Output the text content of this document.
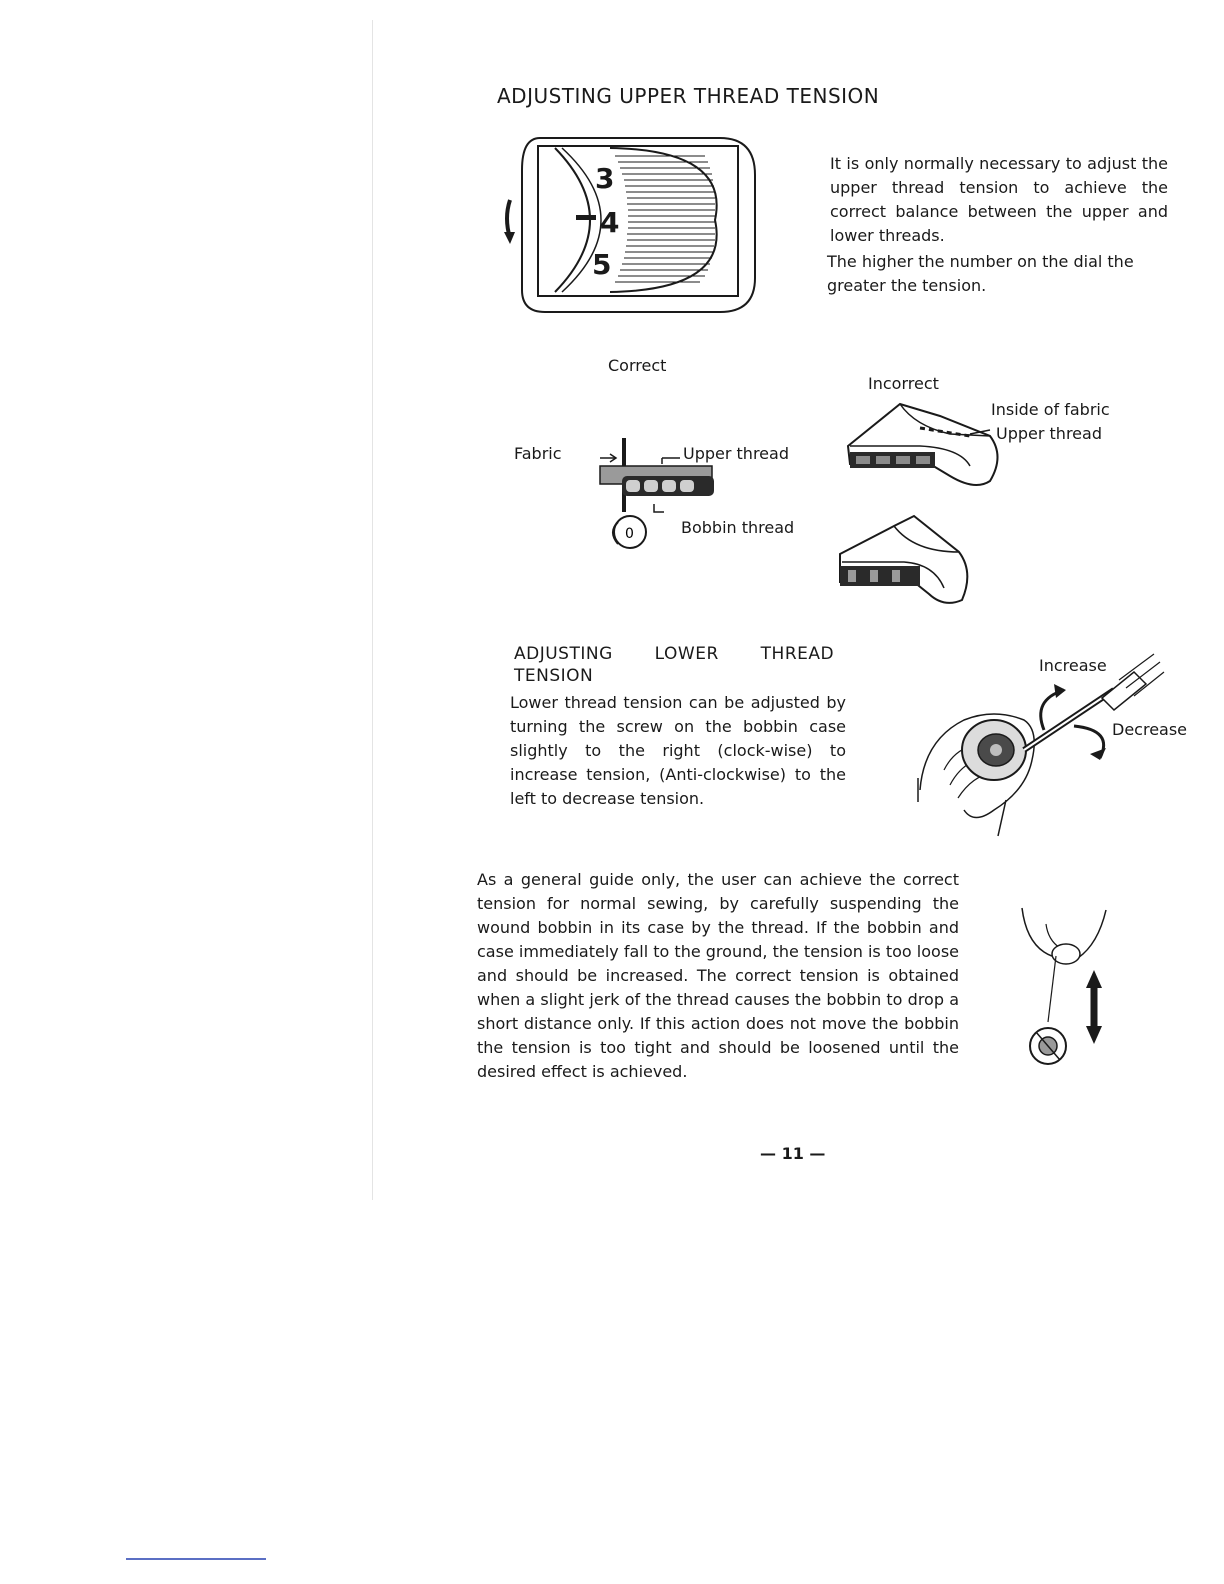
ADJUSTING UPPER THREAD TENSION
3
4
5
It is only normally necessary to adjust the upper thread tension to achieve the correct balance between the upper and lower threads.
The higher the number on the dial the greater the tension.
Correct
Incorrect
Fabric	Upper thread
Bobbin thread
0
Inside of fabric
Upper thread
ADJUSTING LOWER THREAD
TENSION
Lower thread tension can be adjusted by turning the screw on the bobbin case slightly to the right (clock-wise) to increase tension, (Anti-clockwise) to the left to decrease tension.
Increase
Decrease
As a general guide only, the user can achieve the correct tension for normal sewing, by carefully suspending the wound bobbin in its case by the thread. If the bobbin and case immediately fall to the ground, the tension is too loose and should be increased. The correct tension is obtained when a slight jerk of the thread causes the bobbin to drop a short distance only. If this action does not move the bobbin the tension is too tight and should be loosened until the desired effect is achieved.
— 11 —
